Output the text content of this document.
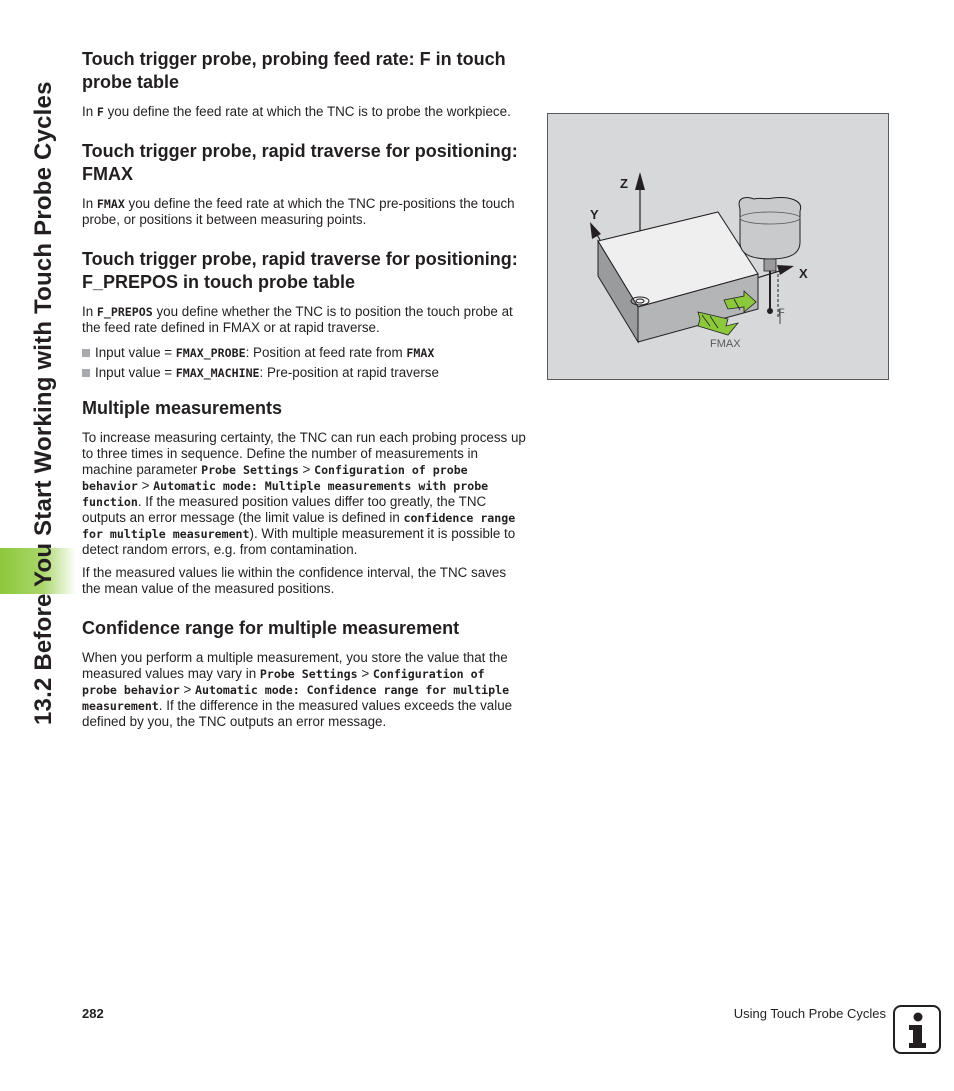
13.2 Before You Start Working with Touch Probe Cycles
Touch trigger probe, probing feed rate: F in touch probe table

In F you define the feed rate at which the TNC is to probe the workpiece.

Touch trigger probe, rapid traverse for positioning: FMAX

In FMAX you define the feed rate at which the TNC pre-positions the touch probe, or positions it between measuring points.

Touch trigger probe, rapid traverse for positioning: F_PREPOS in touch probe table

In F_PREPOS you define whether the TNC is to position the touch probe at the feed rate defined in FMAX or at rapid traverse.

Input value = FMAX_PROBE: Position at feed rate from FMAX
Input value = FMAX_MACHINE: Pre-position at rapid traverse
Multiple measurements

To increase measuring certainty, the TNC can run each probing process up to three times in sequence. Define the number of measurements in machine parameter Probe Settings > Configuration of probe behavior > Automatic mode: Multiple measurements with probe function. If the measured position values differ too greatly, the TNC outputs an error message (the limit value is defined in confidence range for multiple measurement). With multiple measurement it is possible to detect random errors, e.g. from contamination.

If the measured values lie within the confidence interval, the TNC saves the mean value of the measured positions.

Confidence range for multiple measurement

When you perform a multiple measurement, you store the value that the measured values may vary in Probe Settings > Configuration of probe behavior > Automatic mode: Confidence range for multiple measurement. If the difference in the measured values exceeds the value defined by you, the TNC outputs an error message.

Z
Y
X
F
FMAX
282	Using Touch Probe Cycles
